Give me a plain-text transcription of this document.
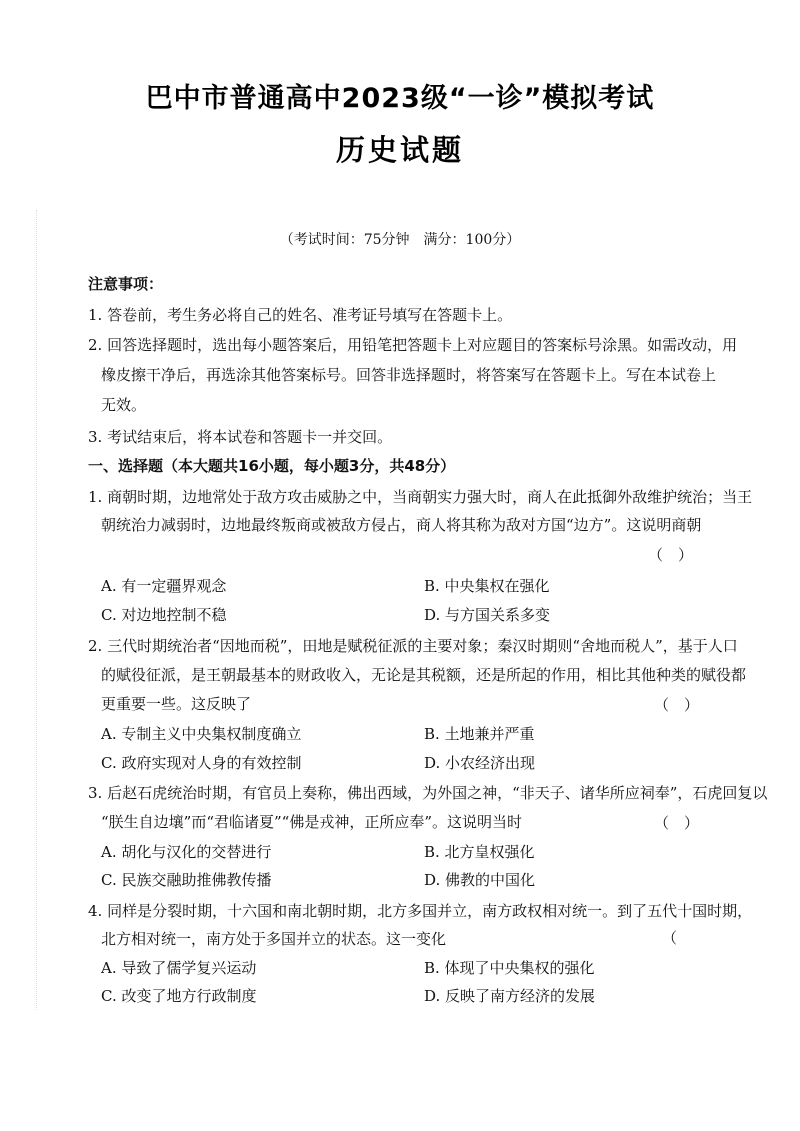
巴中市普通高中2023级“一诊”模拟考试
历史试题
（考试时间：75分钟　满分：100分）
注意事项：
1. 答卷前，考生务必将自己的姓名、准考证号填写在答题卡上。
2. 回答选择题时，选出每小题答案后，用铅笔把答题卡上对应题目的答案标号涂黑。如需改动，用
橡皮擦干净后，再选涂其他答案标号。回答非选择题时，将答案写在答题卡上。写在本试卷上
无效。
3. 考试结束后，将本试卷和答题卡一并交回。
一、选择题（本大题共16小题，每小题3分，共48分）
1. 商朝时期，边地常处于敌方攻击威胁之中，当商朝实力强大时，商人在此抵御外敌维护统治；当王
朝统治力减弱时，边地最终叛商或被敌方侵占，商人将其称为敌对方国“边方”。这说明商朝
（　）
A. 有一定疆界观念	B. 中央集权在强化
C. 对边地控制不稳	D. 与方国关系多变
2. 三代时期统治者“因地而税”，田地是赋税征派的主要对象；秦汉时期则“舍地而税人”，基于人口
的赋役征派，是王朝最基本的财政收入，无论是其税额，还是所起的作用，相比其他种类的赋役都
更重要一些。这反映了	（　）
A. 专制主义中央集权制度确立	B. 土地兼并严重
C. 政府实现对人身的有效控制	D. 小农经济出现
3. 后赵石虎统治时期，有官员上奏称，佛出西域，为外国之神，“非天子、诸华所应祠奉”，石虎回复以
“朕生自边壤”而“君临诸夏”“佛是戎神，正所应奉”。这说明当时	（　）
A. 胡化与汉化的交替进行	B. 北方皇权强化
C. 民族交融助推佛教传播	D. 佛教的中国化
4. 同样是分裂时期，十六国和南北朝时期，北方多国并立，南方政权相对统一。到了五代十国时期，
北方相对统一，南方处于多国并立的状态。这一变化	（
A. 导致了儒学复兴运动	B. 体现了中央集权的强化
C. 改变了地方行政制度	D. 反映了南方经济的发展
